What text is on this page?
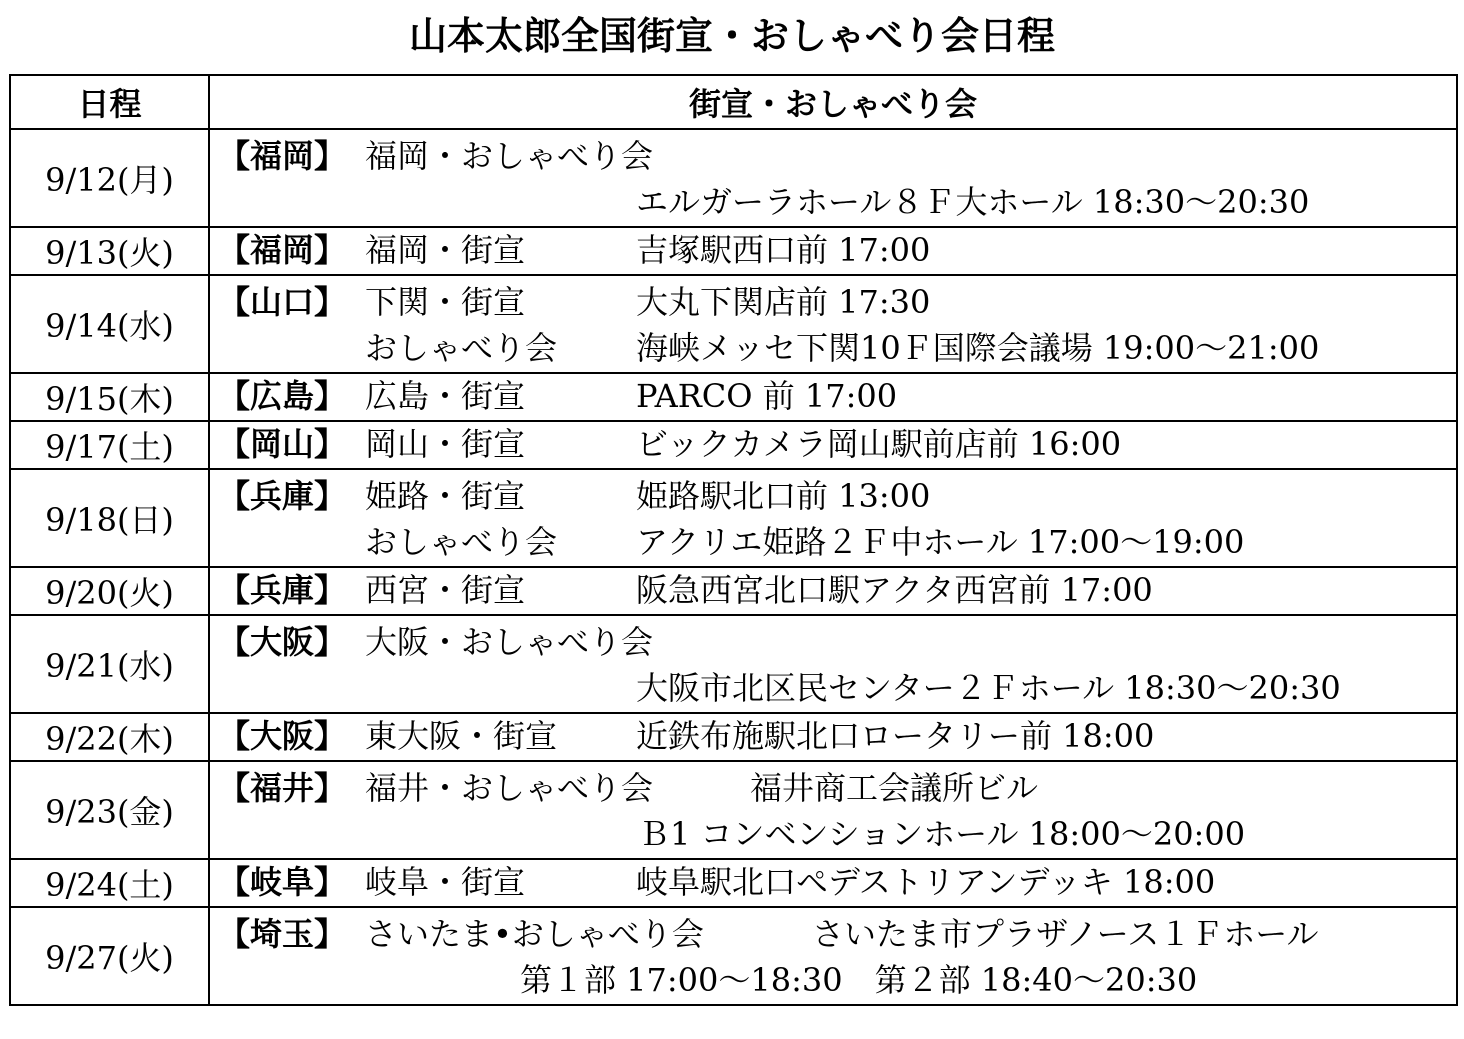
山本太郎全国街宣・おしゃべり会日程
日程	街宣・おしゃべり会
9/12(月)	【福岡】 福岡・おしゃべり会
エルガーラホール８Ｆ大ホール 18:30〜20:30

9/13(火)	【福岡】 福岡・街宣 吉塚駅西口前 17:00

9/14(水)	【山口】 下関・街宣 大丸下関店前 17:30
おしゃべり会 海峡メッセ下関10Ｆ国際会議場 19:00〜21:00

9/15(木)	【広島】 広島・街宣 PARCO 前 17:00

9/17(土)	【岡山】 岡山・街宣 ビックカメラ岡山駅前店前 16:00

9/18(日)	【兵庫】 姫路・街宣 姫路駅北口前 13:00
おしゃべり会 アクリエ姫路２Ｆ中ホール 17:00〜19:00

9/20(火)	【兵庫】 西宮・街宣 阪急西宮北口駅アクタ西宮前 17:00

9/21(水)	【大阪】 大阪・おしゃべり会
大阪市北区民センター２Ｆホール 18:30〜20:30

9/22(木)	【大阪】 東大阪・街宣 近鉄布施駅北口ロータリー前 18:00

9/23(金)	【福井】 福井・おしゃべり会 福井商工会議所ビル
Ｂ1 コンベンションホール 18:00〜20:00

9/24(土)	【岐阜】 岐阜・街宣 岐阜駅北口ペデストリアンデッキ 18:00

9/27(火)	【埼玉】 さいたま•おしゃべり会 さいたま市プラザノース１Ｆホール
第１部 17:00〜18:30　第２部 18:40〜20:30
